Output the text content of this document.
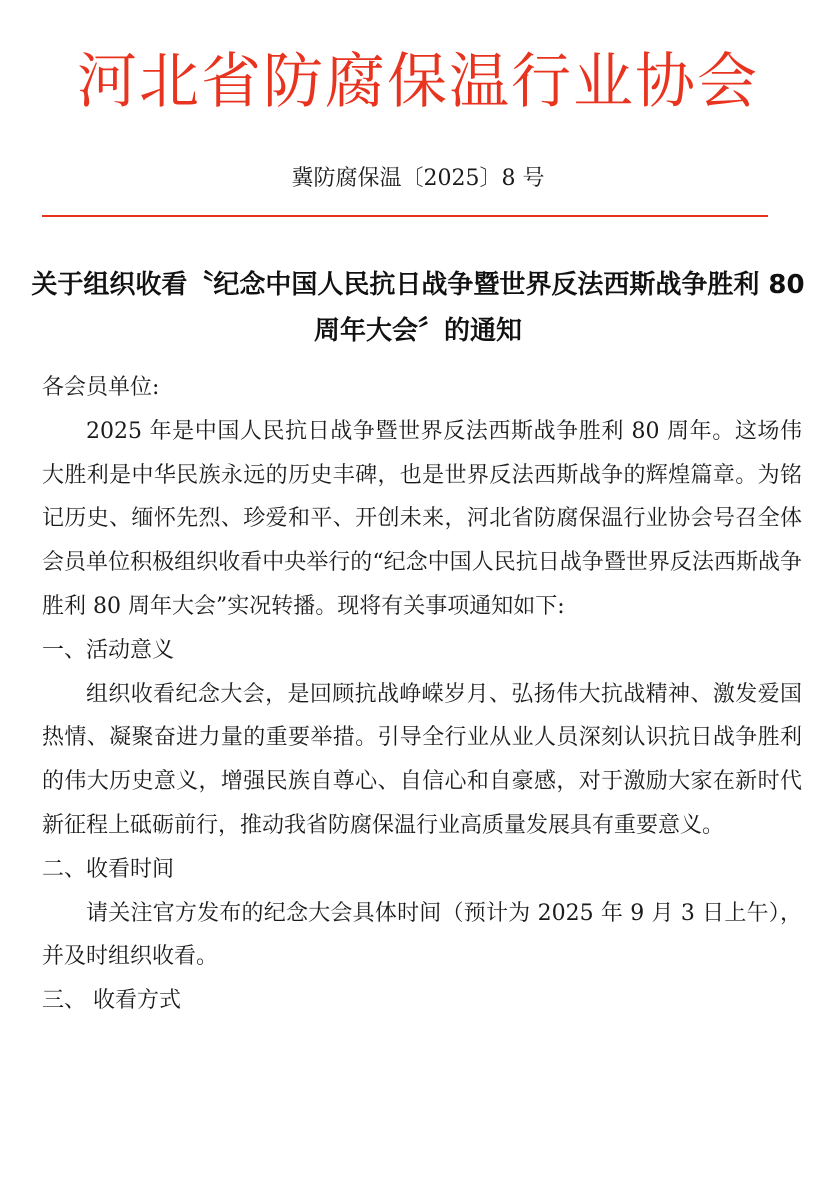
河北省防腐保温行业协会
冀防腐保温〔2025〕8 号
关于组织收看〝纪念中国人民抗日战争暨世界反法西斯战争胜利 80 周年大会〞的通知

各会员单位:

2025 年是中国人民抗日战争暨世界反法西斯战争胜利 80 周年。这场伟大胜利是中华民族永远的历史丰碑，也是世界反法西斯战争的辉煌篇章。为铭记历史、缅怀先烈、珍爱和平、开创未来，河北省防腐保温行业协会号召全体会员单位积极组织收看中央举行的“纪念中国人民抗日战争暨世界反法西斯战争胜利 80 周年大会”实况转播。现将有关事项通知如下:

一、活动意义

组织收看纪念大会，是回顾抗战峥嵘岁月、弘扬伟大抗战精神、激发爱国热情、凝聚奋进力量的重要举措。引导全行业从业人员深刻认识抗日战争胜利的伟大历史意义，增强民族自尊心、自信心和自豪感，对于激励大家在新时代新征程上砥砺前行，推动我省防腐保温行业高质量发展具有重要意义。

二、收看时间

请关注官方发布的纪念大会具体时间（预计为 2025 年 9 月 3 日上午），并及时组织收看。

三、 收看方式
